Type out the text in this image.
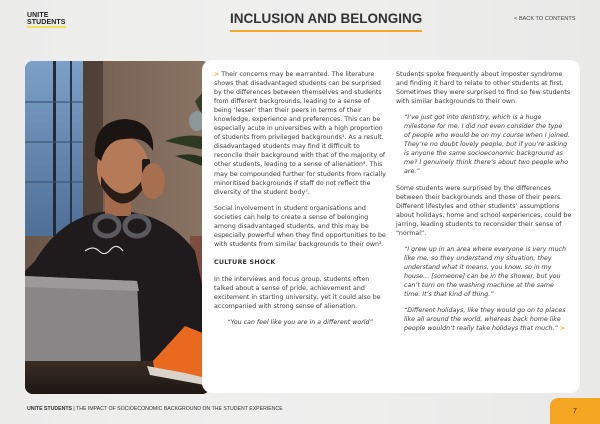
UNITE
STUDENTS	INCLUSION AND BELONGING	< BACK TO CONTENTS

> Their concerns may be warranted. The literature shows that disadvantaged students can be surprised by the differences between themselves and students from different backgrounds, leading to a sense of being ‘lesser’ than their peers in terms of their knowledge, experience and preferences. This can be especially acute in universities with a high proportion of students from privileged backgrounds¹. As a result, disadvantaged students may find it difficult to reconcile their background with that of the majority of other students, leading to a sense of alienation⁴. This may be compounded further for students from racially minoritised backgrounds if staff do not reflect the diversity of the student body⁷.

Social involvement in student organisations and societies can help to create a sense of belonging among disadvantaged students, and this may be especially powerful when they find opportunities to be with students from similar backgrounds to their own³.

CULTURE SHOCK

In the interviews and focus group, students often talked about a sense of pride, achievement and excitement in starting university, yet it could also be accompanied with strong sense of alienation.

“You can feel like you are in a different world”

Students spoke frequently about imposter syndrome and finding it hard to relate to other students at first. Sometimes they were surprised to find so few students with similar backgrounds to their own.

“I’ve just got into dentistry, which is a huge milestone for me. I did not even consider the type of people who would be on my course when I joined. They’re no doubt lovely people, but if you’re asking is anyone the same socioeconomic background as me? I genuinely think there’s about two people who are.”

Some students were surprised by the differences between their backgrounds and those of their peers. Different lifestyles and other students’ assumptions about holidays, home and school experiences, could be jarring, leading students to reconsider their sense of “normal”.

“I grew up in an area where everyone is very much like me, so they understand my situation, they understand what it means, you know, so in my house… [someone] can be in the shower, but you can’t turn on the washing machine at the same time. It’s that kind of thing.”

“Different holidays, like they would go on to places like all around the world, whereas back home like people wouldn’t really take holidays that much.” >

UNITE STUDENTS | THE IMPACT OF SOCIOECONOMIC BACKGROUND ON THE STUDENT EXPERIENCE	7
